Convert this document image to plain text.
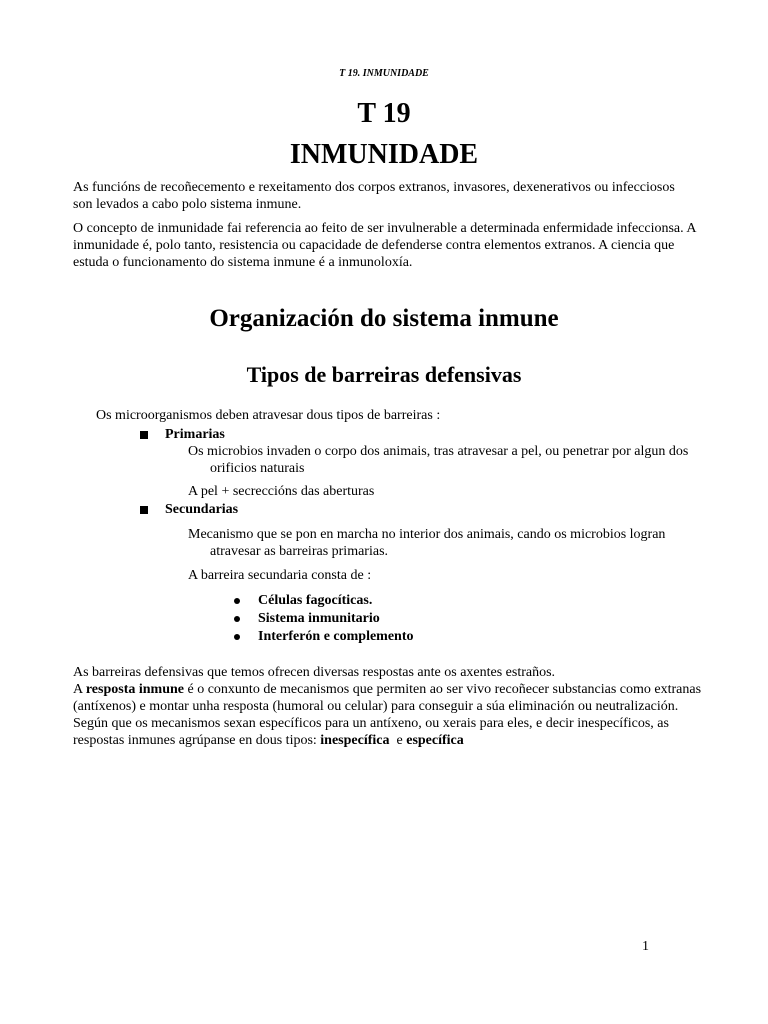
T 19. INMUNIDADE
T 19
INMUNIDADE

As funcións de recoñecemento e rexeitamento dos corpos extranos, invasores, dexenerativos ou infecciosos son levados a cabo polo sistema inmune.

O concepto de inmunidade fai referencia ao feito de ser invulnerable a determinada enfermidade infeccionsa. A inmunidade é, polo tanto, resistencia ou capacidade de defenderse contra elementos extranos. A ciencia que estuda o funcionamento do sistema inmune é a inmunoloxía.

Organización do sistema inmune
Tipos de barreiras defensivas
Os microorganismos deben atravesar dous tipos de barreiras :
Primarias

Os microbios invaden o corpo dos animais, tras atravesar a pel, ou penetrar por algun dos orificios naturais

A pel + secreccións das aberturas

Secundarias

Mecanismo que se pon en marcha no interior dos animais, cando os microbios logran atravesar as barreiras primarias.

A barreira secundaria consta de :

Células fagocíticas.
Sistema inmunitario
Interferón e complemento

As barreiras defensivas que temos ofrecen diversas respostas ante os axentes estraños.
A resposta inmune é o conxunto de mecanismos que permiten ao ser vivo recoñecer substancias como extranas (antíxenos) e montar unha resposta (humoral ou celular) para conseguir a súa eliminación ou neutralización.
Según que os mecanismos sexan específicos para un antíxeno, ou xerais para eles, e decir inespecíficos, as respostas inmunes agrúpanse en dous tipos: inespecífica  e específica

1
